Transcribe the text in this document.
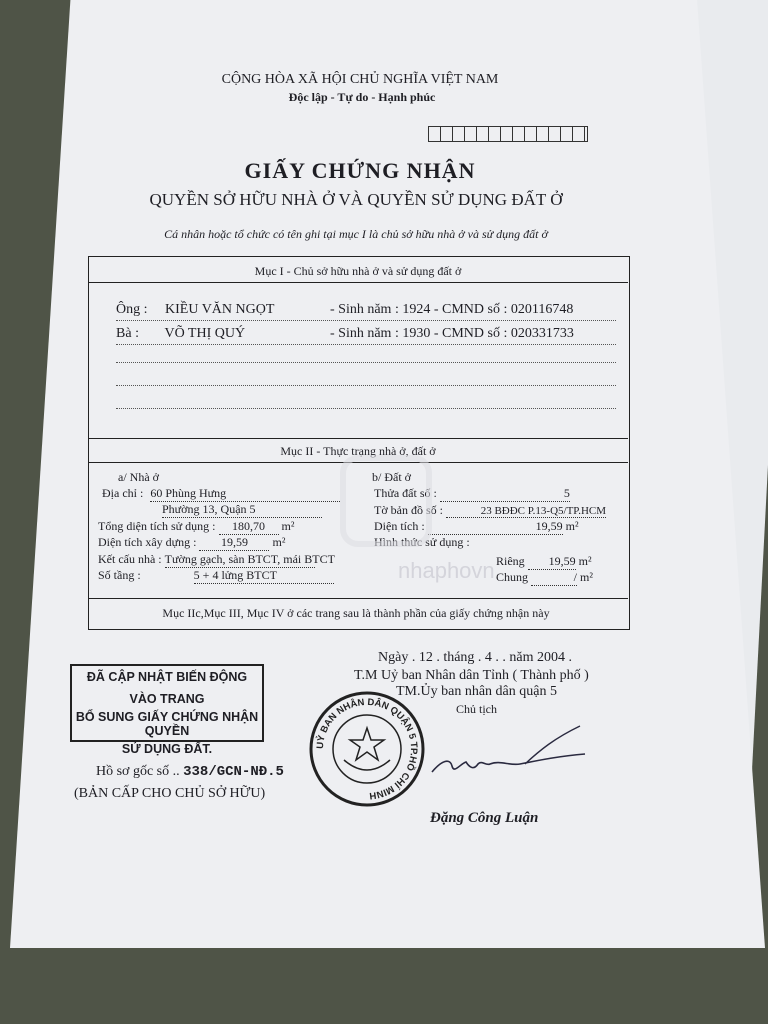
CỘNG HÒA XÃ HỘI CHỦ NGHĨA VIỆT NAM
Độc lập - Tự do - Hạnh phúc
GIẤY CHỨNG NHẬN
QUYỀN SỞ HỮU NHÀ Ở VÀ QUYỀN SỬ DỤNG ĐẤT Ở
Cá nhân hoặc tổ chức có tên ghi tại mục I là chủ sở hữu nhà ở và sử dụng đất ở
Mục I - Chủ sở hữu nhà ở và sử dụng đất ở
Ông : KIỀU VĂN NGỌT	- Sinh năm : 1924 - CMND số : 020116748
Bà : VÕ THỊ QUÝ	- Sinh năm : 1930 - CMND số : 020331733
Mục II - Thực trạng nhà ở, đất ở
a/ Nhà ở
Địa chỉ : 60 Phùng Hưng
Phường 13, Quận 5
Tổng diện tích sử dụng : 180,70 m²
Diện tích xây dựng : 19,59 m²
Kết cấu nhà : Tường gạch, sàn BTCT, mái BTCT
Số tầng :	5 + 4 lửng BTCT
b/ Đất ở
Thửa đất số :	5
Tờ bản đồ số :	23 BĐĐC P.13-Q5/TP.HCM
Diện tích :	19,59 m²
Hình thức sử dụng :
Riêng 19,59 m²
Chung	/ m²
Mục IIc,Mục III, Mục IV ở các trang sau là thành phần của giấy chứng nhận này
Ngày . 12 . tháng . 4 . . năm 2004 .
T.M Uỷ ban Nhân dân Tỉnh ( Thành phố )
TM.Ủy ban nhân dân quận 5
Chủ tịch
Đặng Công Luận
ĐÃ CẬP NHẬT BIẾN ĐỘNG VÀO TRANG
BỔ SUNG GIẤY CHỨNG NHẬN QUYỀN
SỬ DỤNG ĐẤT.	UỶ BAN NHÂN DÂN QUẬN 5 TP.HỒ CHÍ MINH
Hồ sơ gốc số .. 338/GCN-NĐ.5
(BẢN CẤP CHO CHỦ SỞ HỮU)
nhaphovn
